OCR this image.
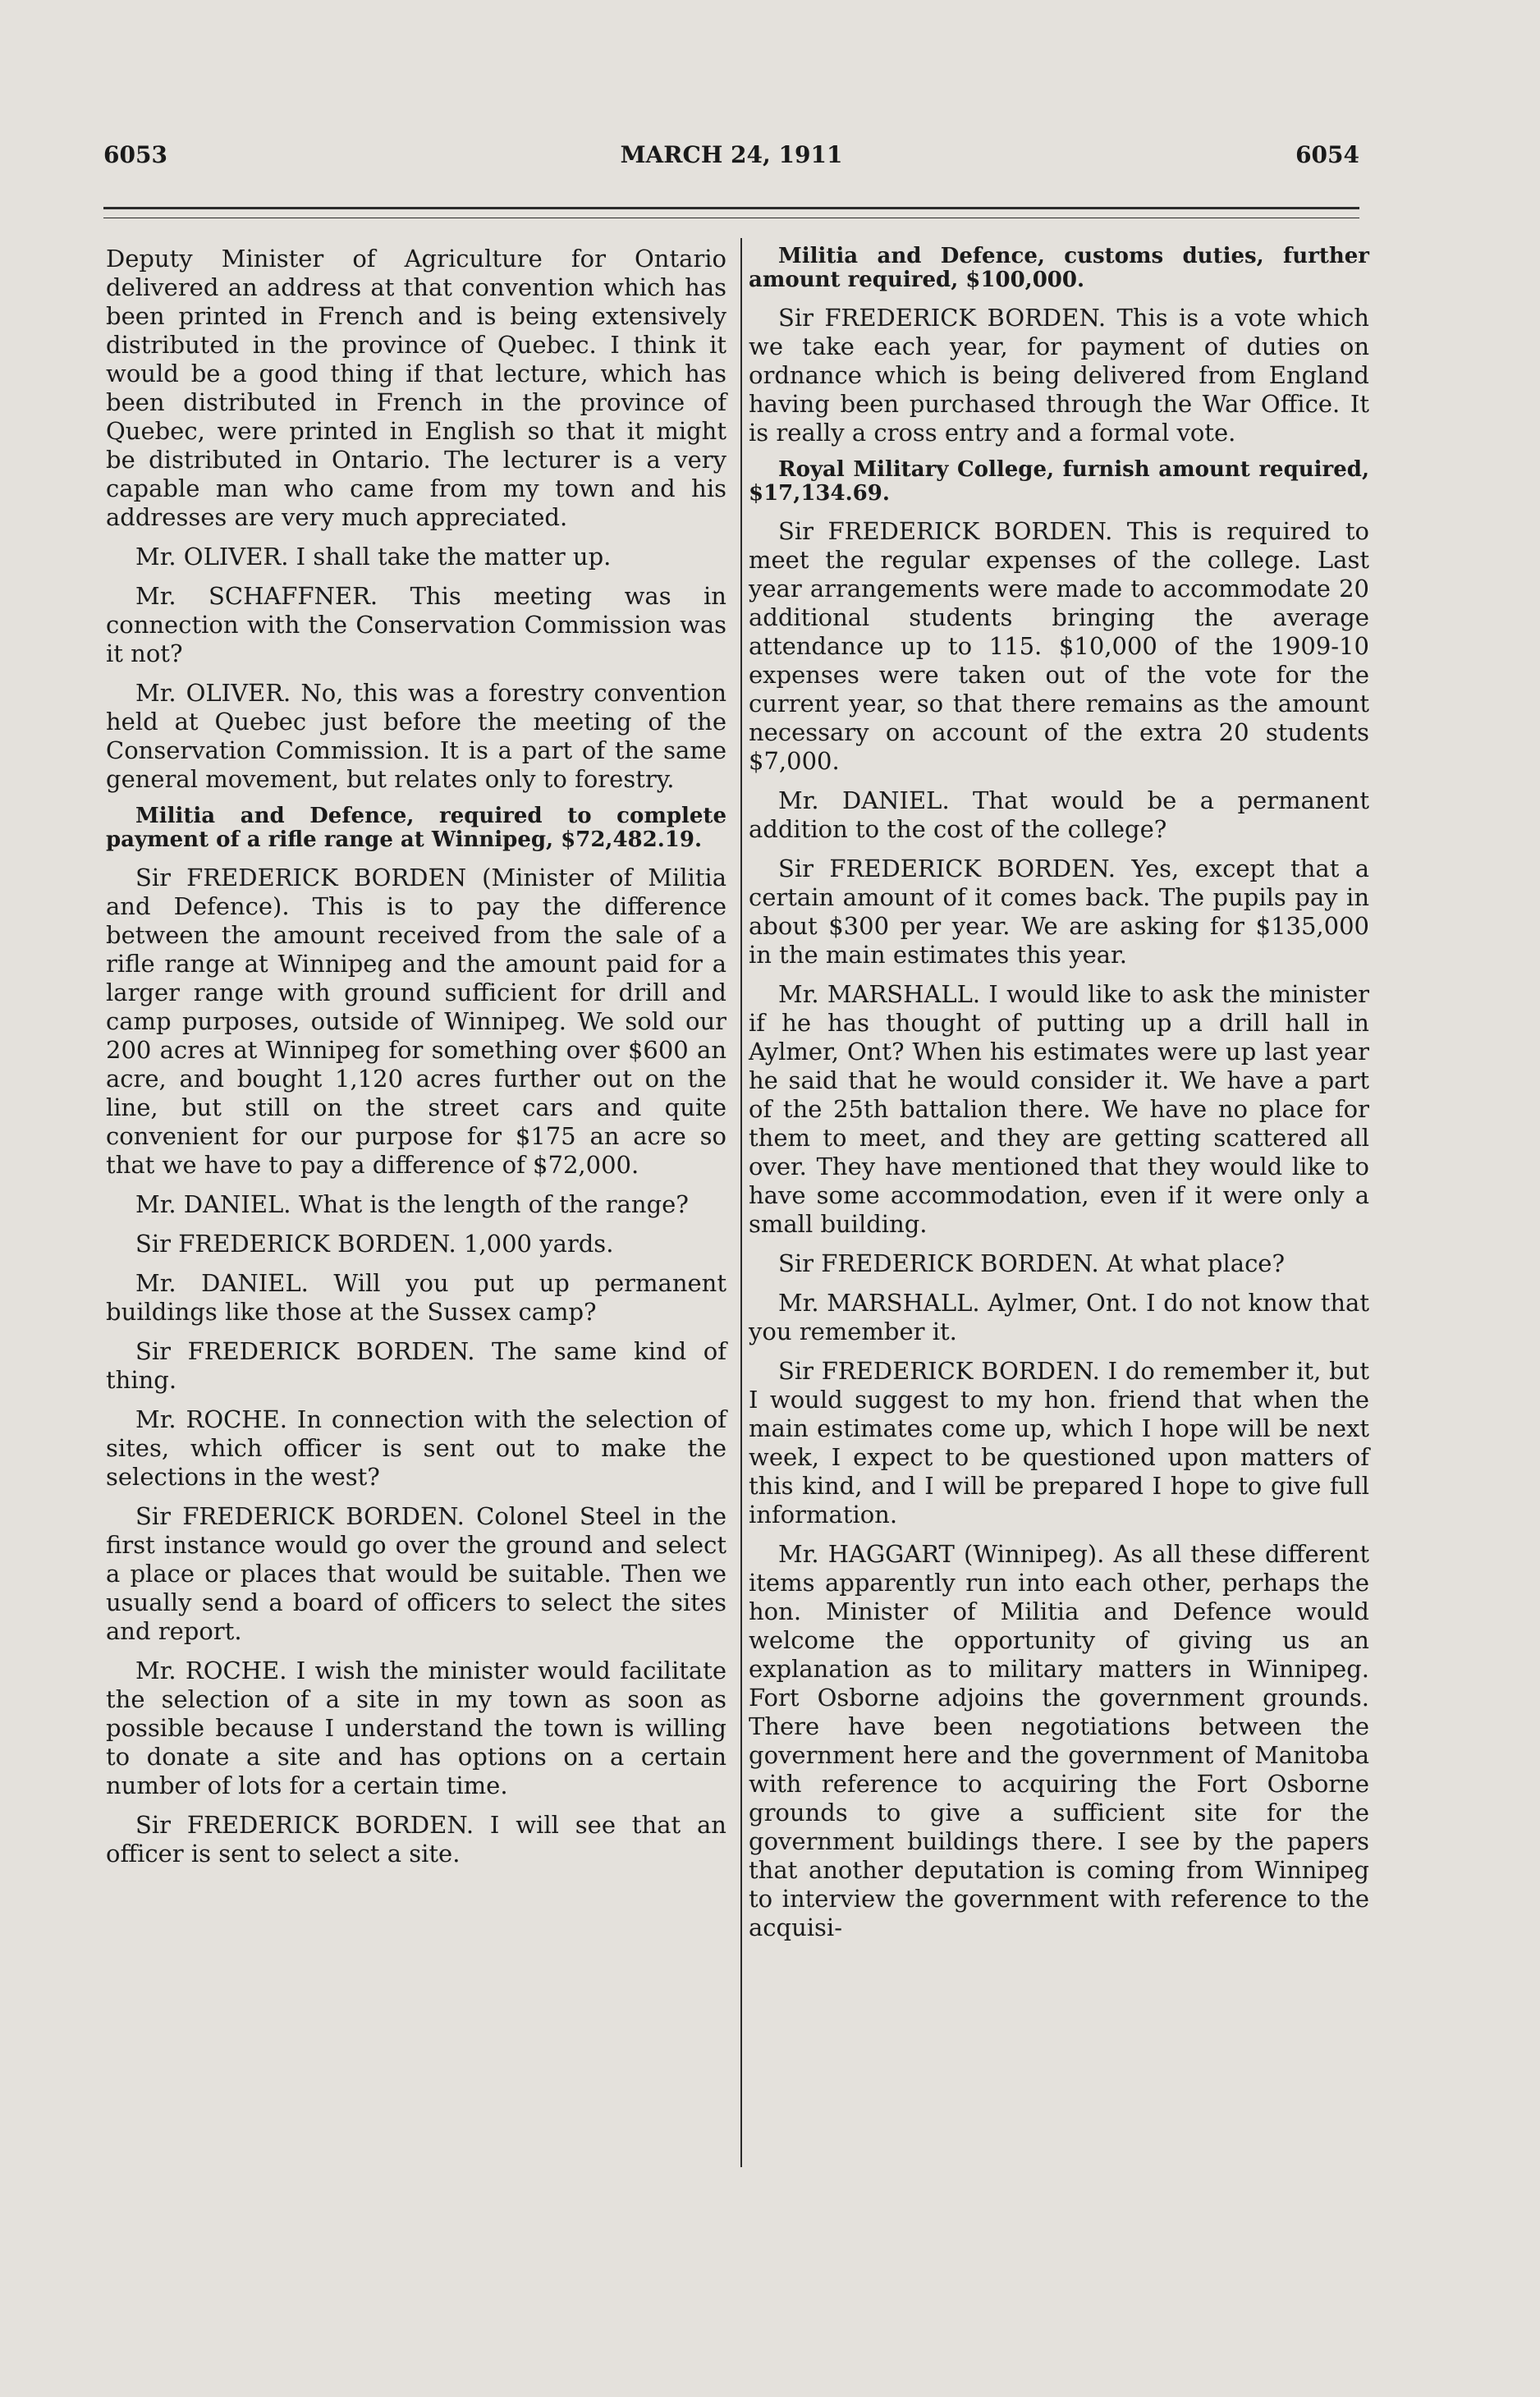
6053	MARCH 24, 1911	6054

Deputy Minister of Agriculture for Ontario delivered an address at that convention which has been printed in French and is being extensively distributed in the province of Quebec. I think it would be a good thing if that lecture, which has been distributed in French in the province of Quebec, were printed in English so that it might be distributed in Ontario. The lecturer is a very capable man who came from my town and his addresses are very much appreciated.

Mr. OLIVER. I shall take the matter up.

Mr. SCHAFFNER. This meeting was in connection with the Conservation Commission was it not?

Mr. OLIVER. No, this was a forestry convention held at Quebec just before the meeting of the Conservation Commission. It is a part of the same general movement, but relates only to forestry.

Militia and Defence, required to complete payment of a rifle range at Winnipeg, $72,482.19.

Sir FREDERICK BORDEN (Minister of Militia and Defence). This is to pay the difference between the amount received from the sale of a rifle range at Winnipeg and the amount paid for a larger range with ground sufficient for drill and camp purposes, outside of Winnipeg. We sold our 200 acres at Winnipeg for something over $600 an acre, and bought 1,120 acres further out on the line, but still on the street cars and quite convenient for our purpose for $175 an acre so that we have to pay a difference of $72,000.

Mr. DANIEL. What is the length of the range?

Sir FREDERICK BORDEN. 1,000 yards.

Mr. DANIEL. Will you put up permanent buildings like those at the Sussex camp?

Sir FREDERICK BORDEN. The same kind of thing.

Mr. ROCHE. In connection with the selection of sites, which officer is sent out to make the selections in the west?

Sir FREDERICK BORDEN. Colonel Steel in the first instance would go over the ground and select a place or places that would be suitable. Then we usually send a board of officers to select the sites and report.

Mr. ROCHE. I wish the minister would facilitate the selection of a site in my town as soon as possible because I understand the town is willing to donate a site and has options on a certain number of lots for a certain time.

Sir FREDERICK BORDEN. I will see that an officer is sent to select a site.

Militia and Defence, customs duties, further amount required, $100,000.

Sir FREDERICK BORDEN. This is a vote which we take each year, for payment of duties on ordnance which is being delivered from England having been purchased through the War Office. It is really a cross entry and a formal vote.

Royal Military College, furnish amount required, $17,134.69.

Sir FREDERICK BORDEN. This is required to meet the regular expenses of the college. Last year arrangements were made to accommodate 20 additional students bringing the average attendance up to 115. $10,000 of the 1909-10 expenses were taken out of the vote for the current year, so that there remains as the amount necessary on account of the extra 20 students $7,000.

Mr. DANIEL. That would be a permanent addition to the cost of the college?

Sir FREDERICK BORDEN. Yes, except that a certain amount of it comes back. The pupils pay in about $300 per year. We are asking for $135,000 in the main estimates this year.

Mr. MARSHALL. I would like to ask the minister if he has thought of putting up a drill hall in Aylmer, Ont? When his estimates were up last year he said that he would consider it. We have a part of the 25th battalion there. We have no place for them to meet, and they are getting scattered all over. They have mentioned that they would like to have some accommodation, even if it were only a small building.

Sir FREDERICK BORDEN. At what place?

Mr. MARSHALL. Aylmer, Ont. I do not know that you remember it.

Sir FREDERICK BORDEN. I do remember it, but I would suggest to my hon. friend that when the main estimates come up, which I hope will be next week, I expect to be questioned upon matters of this kind, and I will be prepared I hope to give full information.

Mr. HAGGART (Winnipeg). As all these different items apparently run into each other, perhaps the hon. Minister of Militia and Defence would welcome the opportunity of giving us an explanation as to military matters in Winnipeg. Fort Osborne adjoins the government grounds. There have been negotiations between the government here and the government of Manitoba with reference to acquiring the Fort Osborne grounds to give a sufficient site for the government buildings there. I see by the papers that another deputation is coming from Winnipeg to interview the government with reference to the acquisi-
